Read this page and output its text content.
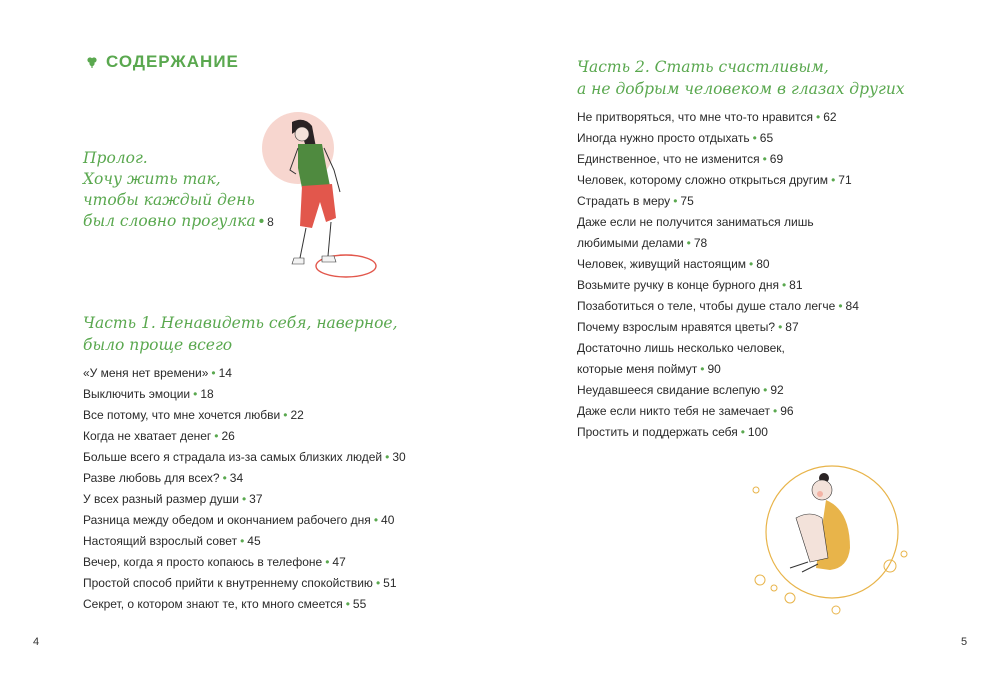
СОДЕРЖАНИЕ
Пролог.
Хочу жить так,
чтобы каждый день
был словно прогулка • 8
Часть 1. Ненавидеть себя, наверное,
было проще всего
«У меня нет времени» • 14
Выключить эмоции • 18
Все потому, что мне хочется любви • 22
Когда не хватает денег • 26
Больше всего я страдала из-за самых близких людей • 30
Разве любовь для всех? • 34
У всех разный размер души • 37
Разница между обедом и окончанием рабочего дня • 40
Настоящий взрослый совет • 45
Вечер, когда я просто копаюсь в телефоне • 47
Простой способ прийти к внутреннему спокойствию • 51
Секрет, о котором знают те, кто много смеется • 55
4
Часть 2. Стать счастливым,
а не добрым человеком в глазах других
Не притворяться, что мне что-то нравится • 62
Иногда нужно просто отдыхать • 65
Единственное, что не изменится • 69
Человек, которому сложно открыться другим • 71
Страдать в меру • 75
Даже если не получится заниматься лишь
любимыми делами • 78
Человек, живущий настоящим • 80
Возьмите ручку в конце бурного дня • 81
Позаботиться о теле, чтобы душе стало легче • 84
Почему взрослым нравятся цветы? • 87
Достаточно лишь несколько человек,
которые меня поймут • 90
Неудавшееся свидание вслепую • 92
Даже если никто тебя не замечает • 96
Простить и поддержать себя • 100
5
